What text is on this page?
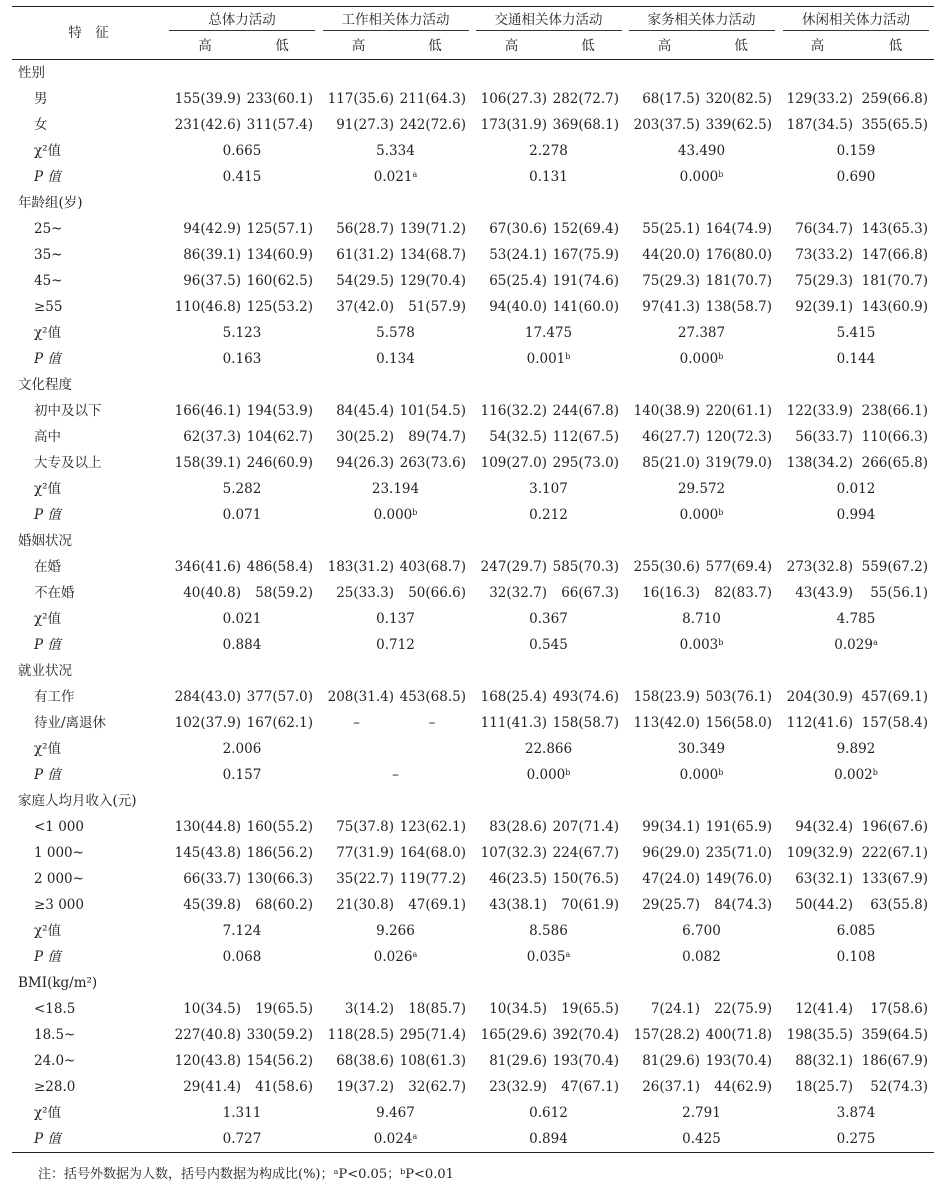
特　征	总体力活动		工作相关体力活动		交通相关体力活动		家务相关体力活动		休闲相关体力活动	
	高	低	高	低	高	低	高	低	高	低
性别										
男	155(39.9)	233(60.1)	117(35.6)	211(64.3)	106(27.3)	282(72.7)	68(17.5)	320(82.5)	129(33.2)	259(66.8)
女	231(42.6)	311(57.4)	91(27.3)	242(72.6)	173(31.9)	369(68.1)	203(37.5)	339(62.5)	187(34.5)	355(65.5)
χ²值	0.665		5.334		2.278		43.490		0.159	
P 值	0.415		0.021$^a$		0.131		0.000$^b$		0.690	
年龄组(岁)										
25~	94(42.9)	125(57.1)	56(28.7)	139(71.2)	67(30.6)	152(69.4)	55(25.1)	164(74.9)	76(34.7)	143(65.3)
35~	86(39.1)	134(60.9)	61(31.2)	134(68.7)	53(24.1)	167(75.9)	44(20.0)	176(80.0)	73(33.2)	147(66.8)
45~	96(37.5)	160(62.5)	54(29.5)	129(70.4)	65(25.4)	191(74.6)	75(29.3)	181(70.7)	75(29.3)	181(70.7)
≥55	110(46.8)	125(53.2)	37(42.0)	51(57.9)	94(40.0)	141(60.0)	97(41.3)	138(58.7)	92(39.1)	143(60.9)
χ²值	5.123		5.578		17.475		27.387		5.415	
P 值	0.163		0.134		0.001$^b$		0.000$^b$		0.144	
文化程度										
初中及以下	166(46.1)	194(53.9)	84(45.4)	101(54.5)	116(32.2)	244(67.8)	140(38.9)	220(61.1)	122(33.9)	238(66.1)
高中	62(37.3)	104(62.7)	30(25.2)	89(74.7)	54(32.5)	112(67.5)	46(27.7)	120(72.3)	56(33.7)	110(66.3)
大专及以上	158(39.1)	246(60.9)	94(26.3)	263(73.6)	109(27.0)	295(73.0)	85(21.0)	319(79.0)	138(34.2)	266(65.8)
χ²值	5.282		23.194		3.107		29.572		0.012	
P 值	0.071		0.000$^b$		0.212		0.000$^b$		0.994	
婚姻状况										
在婚	346(41.6)	486(58.4)	183(31.2)	403(68.7)	247(29.7)	585(70.3)	255(30.6)	577(69.4)	273(32.8)	559(67.2)
不在婚	40(40.8)	58(59.2)	25(33.3)	50(66.6)	32(32.7)	66(67.3)	16(16.3)	82(83.7)	43(43.9)	55(56.1)
χ²值	0.021		0.137		0.367		8.710		4.785	
P 值	0.884		0.712		0.545		0.003$^b$		0.029$^a$
就业状况										
有工作	284(43.0)	377(57.0)	208(31.4)	453(68.5)	168(25.4)	493(74.6)	158(23.9)	503(76.1)	204(30.9)	457(69.1)
待业/离退休	102(37.9)	167(62.1)	–	–	111(41.3)	158(58.7)	113(42.0)	156(58.0)	112(41.6)	157(58.4)
χ²值	2.006				22.866		30.349		9.892	
P 值	0.157		–		0.000$^b$		0.000$^b$		0.002$^b$
家庭人均月收入(元)										
<1 000	130(44.8)	160(55.2)	75(37.8)	123(62.1)	83(28.6)	207(71.4)	99(34.1)	191(65.9)	94(32.4)	196(67.6)
1 000~	145(43.8)	186(56.2)	77(31.9)	164(68.0)	107(32.3)	224(67.7)	96(29.0)	235(71.0)	109(32.9)	222(67.1)
2 000~	66(33.7)	130(66.3)	35(22.7)	119(77.2)	46(23.5)	150(76.5)	47(24.0)	149(76.0)	63(32.1)	133(67.9)
≥3 000	45(39.8)	68(60.2)	21(30.8)	47(69.1)	43(38.1)	70(61.9)	29(25.7)	84(74.3)	50(44.2)	63(55.8)
χ²值	7.124		9.266		8.586		6.700		6.085	
P 值	0.068		0.026$^a$		0.035$^a$		0.082		0.108	
BMI(kg/m²)										
<18.5	10(34.5)	19(65.5)	3(14.2)	18(85.7)	10(34.5)	19(65.5)	7(24.1)	22(75.9)	12(41.4)	17(58.6)
18.5~	227(40.8)	330(59.2)	118(28.5)	295(71.4)	165(29.6)	392(70.4)	157(28.2)	400(71.8)	198(35.5)	359(64.5)
24.0~	120(43.8)	154(56.2)	68(38.6)	108(61.3)	81(29.6)	193(70.4)	81(29.6)	193(70.4)	88(32.1)	186(67.9)
≥28.0	29(41.4)	41(58.6)	19(37.2)	32(62.7)	23(32.9)	47(67.1)	26(37.1)	44(62.9)	18(25.7)	52(74.3)
χ²值	1.311		9.467		0.612		2.791		3.874	
P 值	0.727		0.024$^a$		0.894		0.425		0.275	
注：括号外数据为人数，括号内数据为构成比(%)；ᵃP<0.05；ᵇP<0.01
